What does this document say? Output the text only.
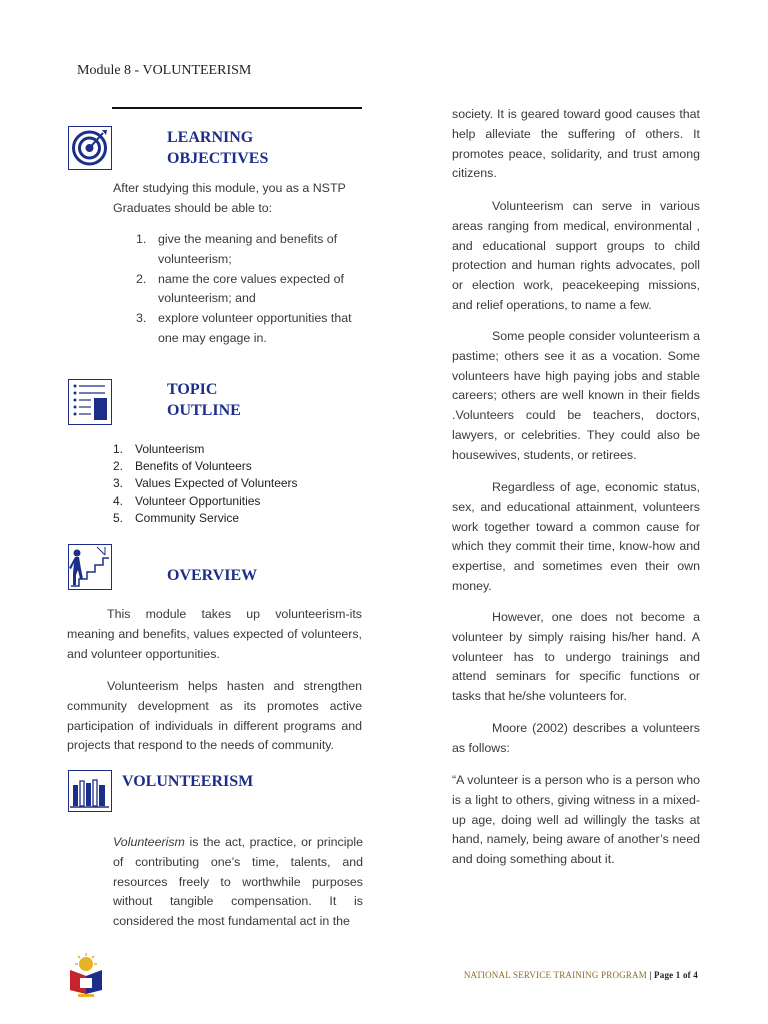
Module 8 - VOLUNTEERISM
LEARNING
OBJECTIVES
After studying this module, you as a NSTP Graduates should be able to:
1. give the meaning and benefits of volunteerism;
2. name the core values expected of volunteerism; and
3. explore volunteer opportunities that one may engage in.
TOPIC
OUTLINE
1. Volunteerism
2. Benefits of Volunteers
3. Values Expected of Volunteers
4. Volunteer Opportunities
5. Community Service
OVERVIEW
This module takes up volunteerism-its meaning and benefits, values expected of volunteers, and volunteer opportunities.
Volunteerism helps hasten and strengthen community development as its promotes active participation of individuals in different programs and projects that respond to the needs of community.
VOLUNTEERISM
Volunteerism is the act, practice, or principle of contributing one’s time, talents, and resources freely to worthwhile purposes without tangible compensation. It is considered the most fundamental act in the
society. It is geared toward good causes that help alleviate the suffering of others. It promotes peace, solidarity, and trust among citizens.
Volunteerism can serve in various areas ranging from medical, environmental , and educational support groups to child protection and human rights advocates, poll or election work, peacekeeping missions, and relief operations, to name a few.
Some people consider volunteerism a pastime; others see it as a vocation. Some volunteers have high paying jobs and stable careers; others are well known in their fields .Volunteers could be teachers, doctors, lawyers, or celebrities. They could also be housewives, students, or retirees.
Regardless of age, economic status, sex, and educational attainment, volunteers work together toward a common cause for which they commit their time, know-how and expertise, and sometimes even their own money.
However, one does not become a volunteer by simply raising his/her hand. A volunteer has to undergo trainings and attend seminars for specific functions or tasks that he/she volunteers for.
Moore (2002) describes a volunteers as follows:
“A volunteer is a person who is a person who is a light to others, giving witness in a mixed-up age, doing well ad willingly the tasks at hand, namely, being aware of another’s need and doing something about it.
NATIONAL SERVICE TRAINING PROGRAM | Page 1 of 4
